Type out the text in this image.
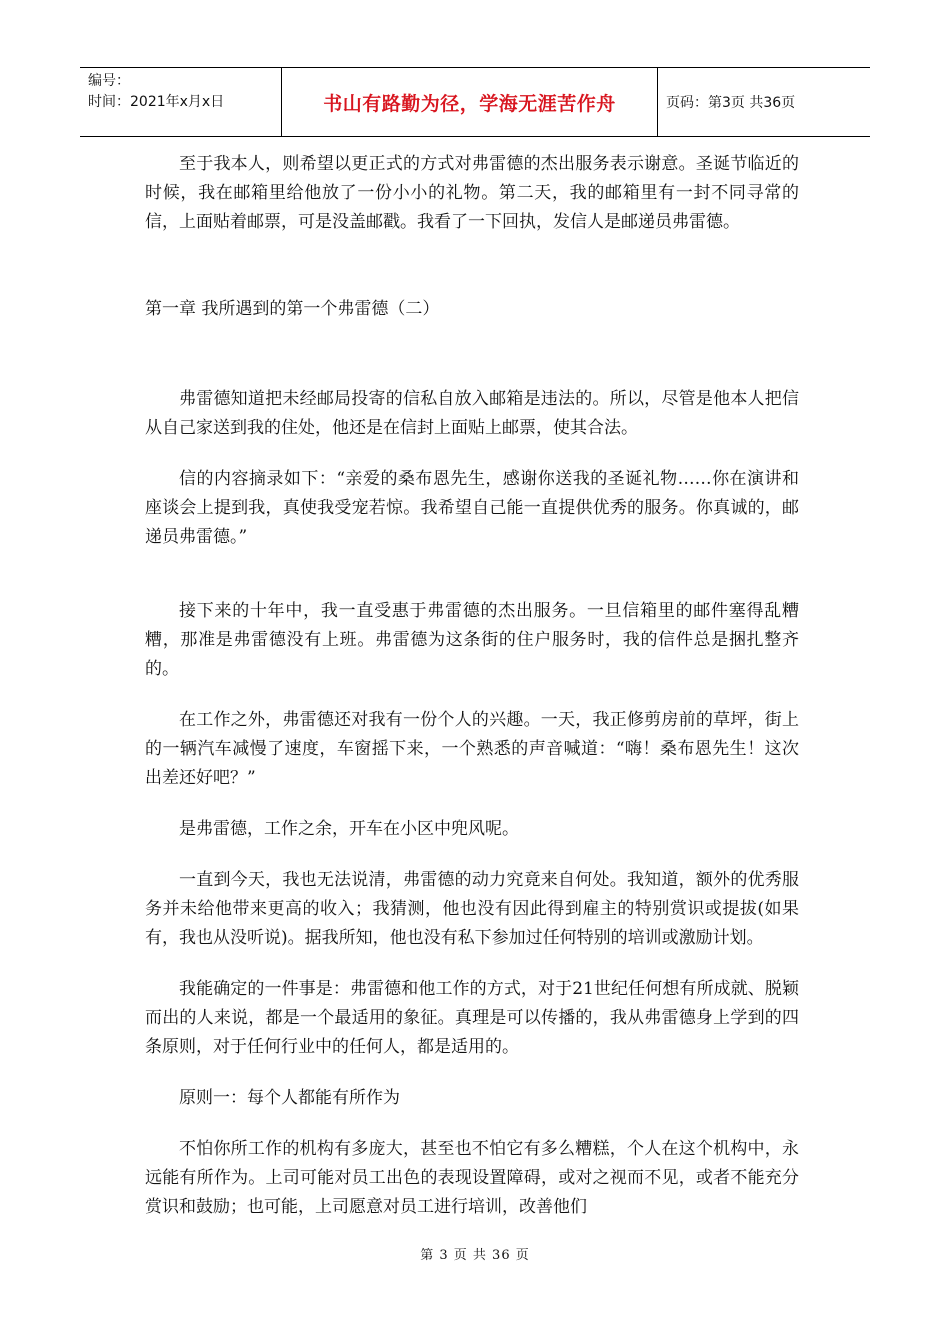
编号：
时间：2021年x月x日	书山有路勤为径，学海无涯苦作舟	页码：第3页 共36页

至于我本人，则希望以更正式的方式对弗雷德的杰出服务表示谢意。圣诞节临近的时候，我在邮箱里给他放了一份小小的礼物。第二天，我的邮箱里有一封不同寻常的信，上面贴着邮票，可是没盖邮戳。我看了一下回执，发信人是邮递员弗雷德。

第一章 我所遇到的第一个弗雷德（二）

弗雷德知道把未经邮局投寄的信私自放入邮箱是违法的。所以，尽管是他本人把信从自己家送到我的住处，他还是在信封上面贴上邮票，使其合法。

信的内容摘录如下：“亲爱的桑布恩先生，感谢你送我的圣诞礼物……你在演讲和座谈会上提到我，真使我受宠若惊。我希望自己能一直提供优秀的服务。你真诚的，邮递员弗雷德。”

接下来的十年中，我一直受惠于弗雷德的杰出服务。一旦信箱里的邮件塞得乱糟糟，那准是弗雷德没有上班。弗雷德为这条街的住户服务时，我的信件总是捆扎整齐的。

在工作之外，弗雷德还对我有一份个人的兴趣。一天，我正修剪房前的草坪，街上的一辆汽车减慢了速度，车窗摇下来，一个熟悉的声音喊道：“嗨！桑布恩先生！这次出差还好吧？”

是弗雷德，工作之余，开车在小区中兜风呢。

一直到今天，我也无法说清，弗雷德的动力究竟来自何处。我知道，额外的优秀服务并未给他带来更高的收入；我猜测，他也没有因此得到雇主的特别赏识或提拔(如果有，我也从没听说)。据我所知，他也没有私下参加过任何特别的培训或激励计划。

我能确定的一件事是：弗雷德和他工作的方式，对于21世纪任何想有所成就、脱颖而出的人来说，都是一个最适用的象征。真理是可以传播的，我从弗雷德身上学到的四条原则，对于任何行业中的任何人，都是适用的。

原则一：每个人都能有所作为

不怕你所工作的机构有多庞大，甚至也不怕它有多么糟糕，个人在这个机构中，永远能有所作为。上司可能对员工出色的表现设置障碍，或对之视而不见，或者不能充分赏识和鼓励；也可能，上司愿意对员工进行培训，改善他们

第 3 页 共 36 页
